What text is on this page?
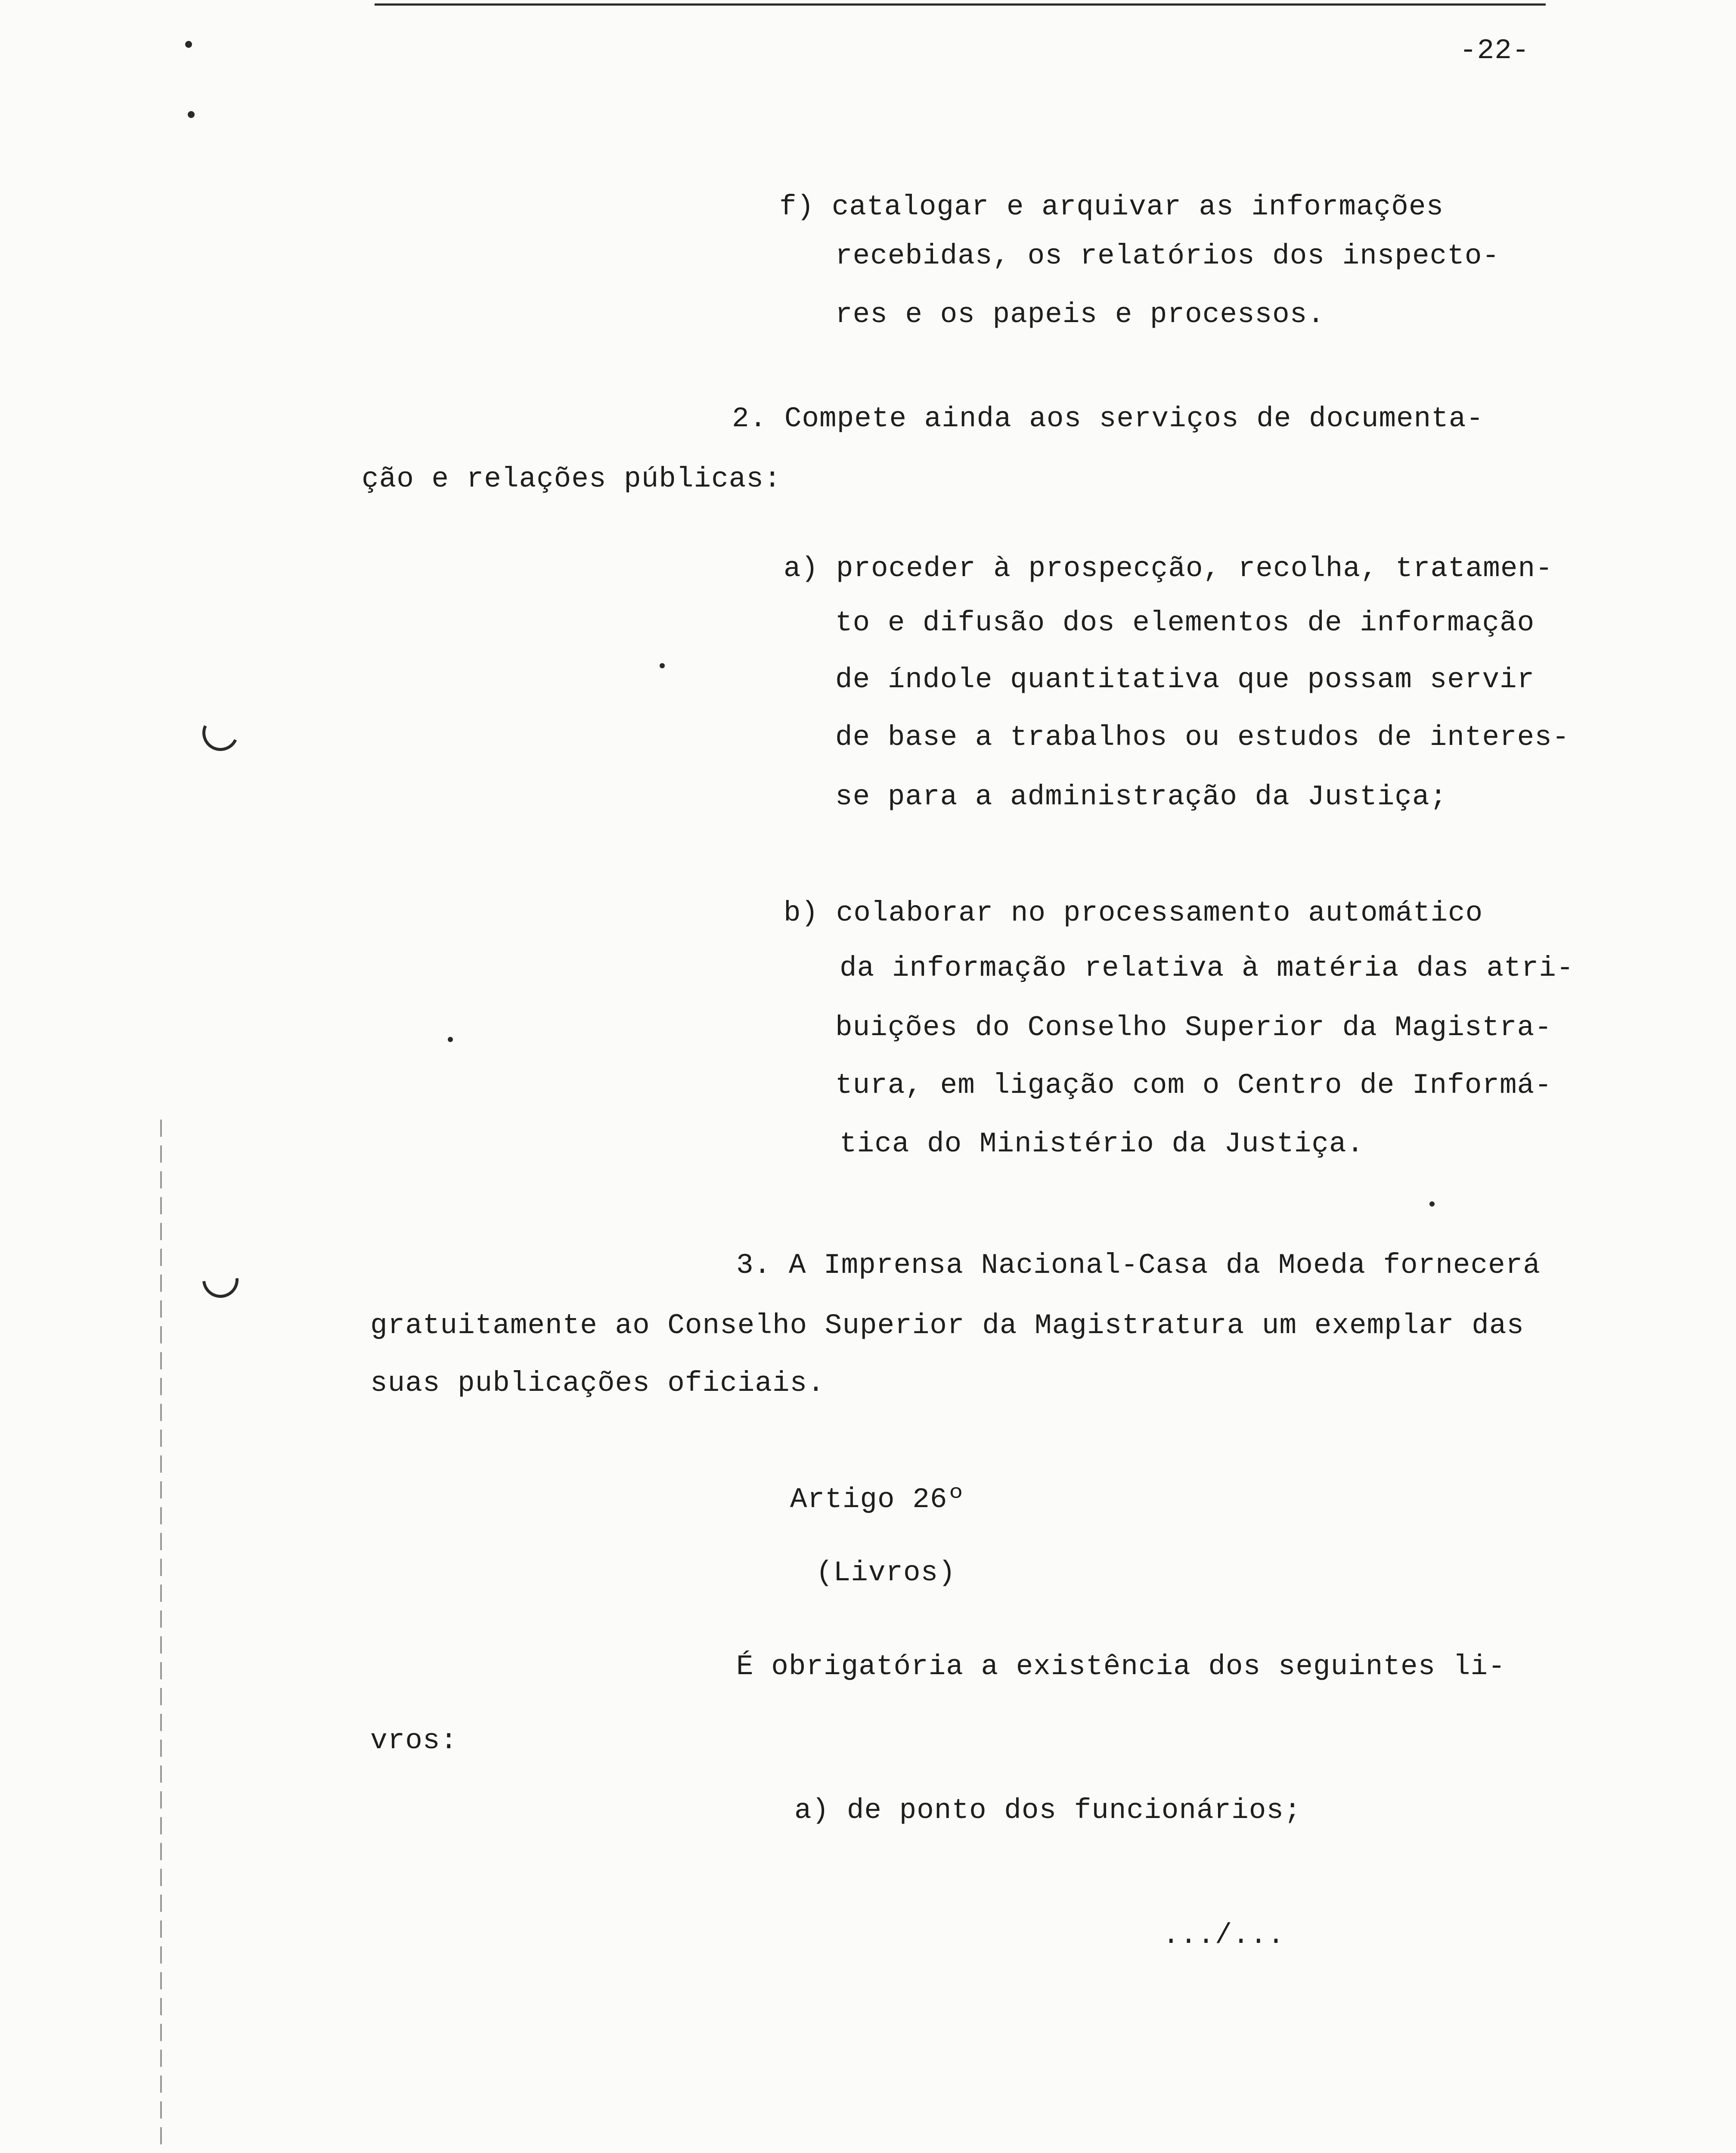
-22-
f) catalogar e arquivar as informações
recebidas, os relatórios dos inspecto-
res e os papeis e processos.
2. Compete ainda aos serviços de documenta-
ção e relações públicas:
a) proceder à prospecção, recolha, tratamen-
to e difusão dos elementos de informação
de índole quantitativa que possam servir
de base a trabalhos ou estudos de interes-
se para a administração da Justiça;
b) colaborar no processamento automático
da informação relativa à matéria das atri-
buições do Conselho Superior da Magistra-
tura, em ligação com o Centro de Informá-
tica do Ministério da Justiça.
3. A Imprensa Nacional-Casa da Moeda fornecerá
gratuitamente ao Conselho Superior da Magistratura um exemplar das
suas publicações oficiais.
Artigo 26º
(Livros)
É obrigatória a existência dos seguintes li-
vros:
a) de ponto dos funcionários;
.../...
